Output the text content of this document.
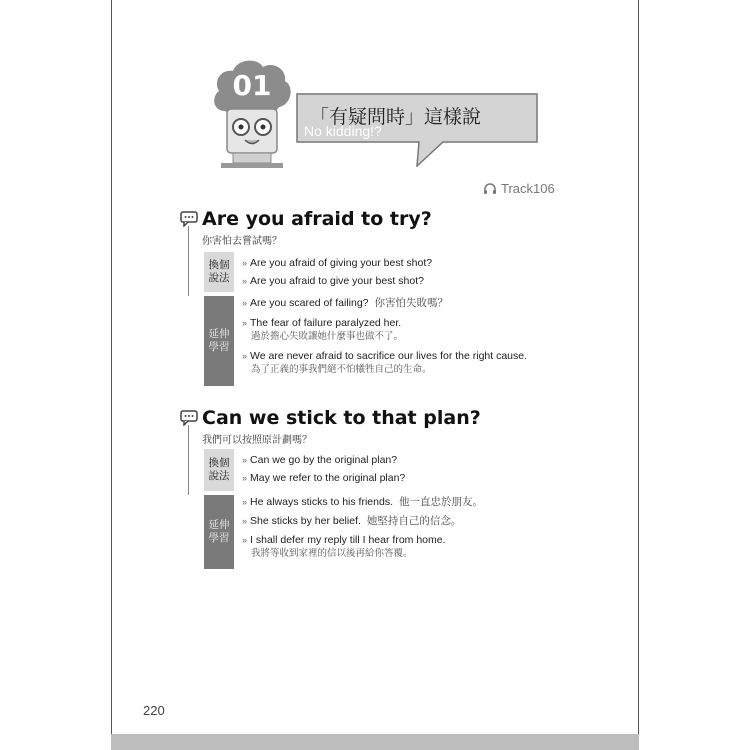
01
「有疑問時」這樣說
No kidding!?
Track106
Are you afraid to try?
你害怕去嘗試嗎？
換個
說法
» Are you afraid of giving your best shot?
» Are you afraid to give your best shot?
延伸
學習
» Are you scared of failing? 你害怕失敗嗎？
» The fear of failure paralyzed her.
過於擔心失敗讓她什麼事也做不了。
» We are never afraid to sacrifice our lives for the right cause.
為了正義的事我們絕不怕犧牲自己的生命。
Can we stick to that plan?
我們可以按照原計劃嗎？
換個
說法
» Can we go by the original plan?
» May we refer to the original plan?
延伸
學習
» He always sticks to his friends. 他一直忠於朋友。
» She sticks by her belief. 她堅持自己的信念。
» I shall defer my reply till I hear from home.
我將等收到家裡的信以後再給你答覆。
220
